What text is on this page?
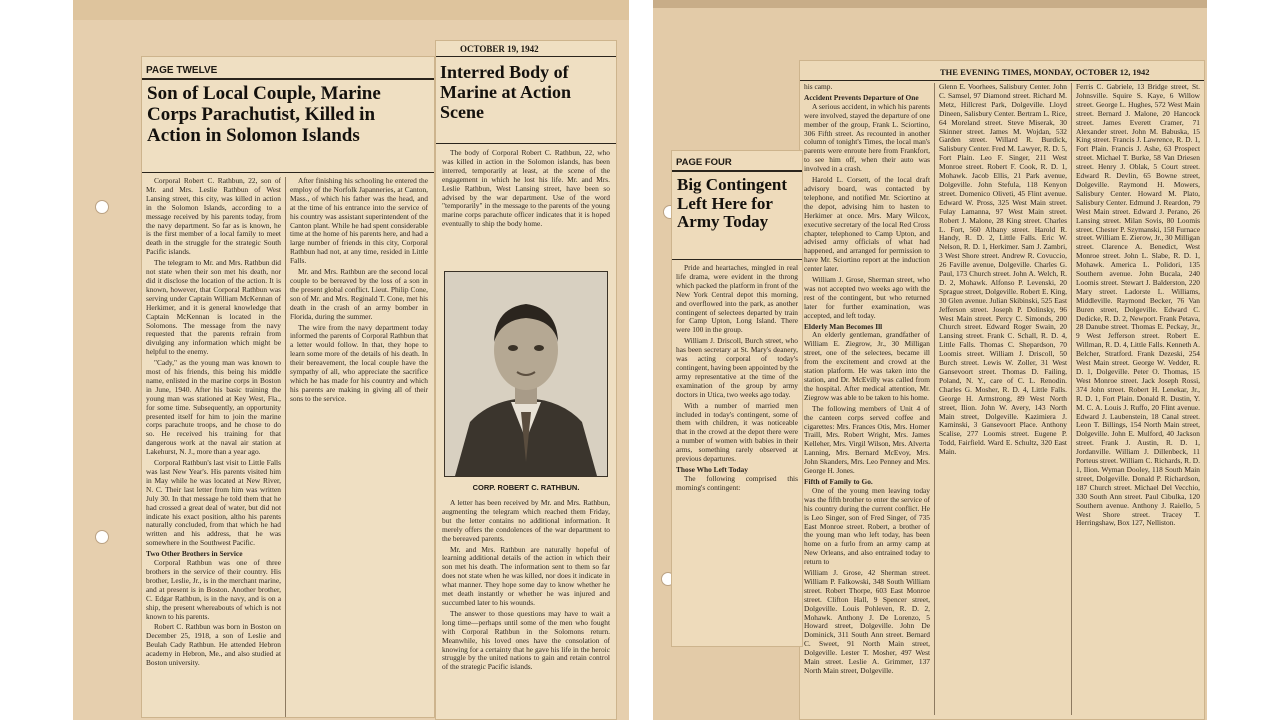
PAGE TWELVE
Son of Local Couple, Marine Corps Parachutist, Killed in Action in Solomon Islands

Corporal Robert C. Rathbun, 22, son of Mr. and Mrs. Leslie Rathbun of West Lansing street, this city, was killed in action in the Solomon Islands, according to a message received by his parents today, from the navy department. So far as is known, he is the first member of a local family to meet death in the struggle for the strategic South Pacific islands.

The telegram to Mr. and Mrs. Rathbun did not state when their son met his death, nor did it disclose the location of the action. It is known, however, that Corporal Rathbun was serving under Captain William McKennan of Herkimer, and it is general knowledge that Captain McKennan is located in the Solomons. The message from the navy requested that the parents refrain from divulging any information which might be helpful to the enemy.

"Cady," as the young man was known to most of his friends, this being his middle name, enlisted in the marine corps in Boston in June, 1940. After his basic training the young man was stationed at Key West, Fla., for some time. Subsequently, an opportunity presented itself for him to join the marine corps parachute troops, and he chose to do so. He received his training for that dangerous work at the naval air station at Lakehurst, N. J., more than a year ago.

Corporal Rathbun's last visit to Little Falls was last New Year's. His parents visited him in May while he was located at New River, N. C. Their last letter from him was written July 30. In that message he told them that he had crossed a great deal of water, but did not indicate his exact position, altho his parents naturally concluded, from that which he had written and his address, that he was somewhere in the Southwest Pacific.

Two Other Brothers in Service

Corporal Rathbun was one of three brothers in the service of their country. His brother, Leslie, Jr., is in the merchant marine, and at present is in Boston. Another brother, C. Edgar Rathbun, is in the navy, and is on a ship, the present whereabouts of which is not known to his parents.

Robert C. Rathbun was born in Boston on December 25, 1918, a son of Leslie and Beulah Cady Rathbun. He attended Hebron academy in Hebron, Me., and also studied at Boston university.

After finishing his schooling he entered the employ of the Norfolk Japanneries, at Canton, Mass., of which his father was the head, and at the time of his entrance into the service of his country was assistant superintendent of the Canton plant. While he had spent considerable time at the home of his parents here, and had a large number of friends in this city, Corporal Rathbun had not, at any time, resided in Little Falls.

Mr. and Mrs. Rathbun are the second local couple to be bereaved by the loss of a son in the present global conflict. Lieut. Philip Cone, son of Mr. and Mrs. Reginald T. Cone, met his death in the crash of an army bomber in Florida, during the summer.

The wire from the navy department today informed the parents of Corporal Rathbun that a letter would follow. In that, they hope to learn some more of the details of his death. In their bereavement, the local couple have the sympathy of all, who appreciate the sacrifice which he has made for his country and which his parents are making in giving all of their sons to the service.

OCTOBER 19, 1942
Interred Body of Marine at Action Scene

The body of Corporal Robert C. Rathbun, 22, who was killed in action in the Solomon islands, has been interred, temporarily at least, at the scene of the engagement in which he lost his life. Mr. and Mrs. Leslie Rathbun, West Lansing street, have been so advised by the war department. Use of the word "temporarily" in the message to the parents of the young marine corps parachute officer indicates that it is hoped eventually to ship the body home.

CORP. ROBERT C. RATHBUN.

A letter has been received by Mr. and Mrs. Rathbun, augmenting the telegram which reached them Friday, but the letter contains no additional information. It merely offers the condolences of the war department to the bereaved parents.

Mr. and Mrs. Rathbun are naturally hopeful of learning additional details of the action in which their son met his death. The information sent to them so far does not state when he was killed, nor does it indicate in what manner. They hope some day to know whether he met death instantly or whether he was injured and succumbed later to his wounds.

The answer to those questions may have to wait a long time—perhaps until some of the men who fought with Corporal Rathbun in the Solomons return. Meanwhile, his loved ones have the consolation of knowing for a certainty that he gave his life in the heroic struggle by the united nations to gain and retain control of the strategic Pacific islands.

THE EVENING TIMES, MONDAY, OCTOBER 12, 1942

his camp.

Accident Prevents Departure of One

A serious accident, in which his parents were involved, stayed the departure of one member of the group, Frank L. Sciortino, 306 Fifth street. As recounted in another column of tonight's Times, the local man's parents were enroute here from Frankfort, to see him off, when their auto was involved in a crash.

Harold L. Corsett, of the local draft advisory board, was contacted by telephone, and notified Mr. Sciortino at the depot, advising him to hasten to Herkimer at once. Mrs. Mary Wilcox, executive secretary of the local Red Cross chapter, telephoned to Camp Upton, and advised army officials of what had happened, and arranged for permission to have Mr. Sciortino report at the induction center later.

William J. Grose, Sherman street, who was not accepted two weeks ago with the rest of the contingent, but who returned later for further examination, was accepted, and left today.

Elderly Man Becomes Ill

An elderly gentleman, grandfather of William E. Ziegrow, Jr., 30 Milligan street, one of the selectees, became ill from the excitement and crowd at the station platform. He was taken into the station, and Dr. McEvilly was called from the hospital. After medical attention, Mr. Ziegrow was able to be taken to his home.

The following members of Unit 4 of the canteen corps served coffee and cigarettes: Mrs. Frances Otis, Mrs. Homer Traill, Mrs. Robert Wright, Mrs. James Kelleher, Mrs. Virgil Wilson, Mrs. Alverta Lanning, Mrs. Bernard McEvoy, Mrs. John Skanders, Mrs. Leo Penney and Mrs. George H. Jones.

Fifth of Family to Go.

One of the young men leaving today was the fifth brother to enter the service of his country during the current conflict. He is Leo Singer, son of Fred Singer, of 735 East Monroe street. Robert, a brother of the young man who left today, has been home on a furlo from an army camp at New Orleans, and also entrained today to return to

William J. Grose, 42 Sherman street. William P. Falkowski, 348 South William street. Robert Thorpe, 603 East Monroe street. Clifton Hall, 9 Spencer street, Dolgeville. Louis Pohleven, R. D. 2, Mohawk. Anthony J. De Lorenzo, 5 Howard street, Dolgeville. John De Dominick, 311 South Ann street. Bernard C. Sweet, 91 North Main street, Dolgeville. Lester T. Mosher, 497 West Main street. Leslie A. Grimmer, 137 North Main street, Dolgeville.

Glenn E. Voorhees, Salisbury Center. John C. Samsel, 97 Diamond street. Richard M. Metz, Hillcrest Park, Dolgeville. Lloyd Dineen, Salisbury Center. Bertram L. Rice, 64 Moreland street. Steve Miserak, 30 Skinner street. James M. Wojdan, 532 Garden street. Willard R. Burdick, Salisbury Center. Fred M. Lawyer, R. D. 5, Fort Plain. Leo F. Singer, 211 West Monroe street. Robert F. Cook, R. D. 1, Mohawk. Jacob Ellis, 21 Park avenue, Dolgeville. John Stefula, 118 Kenyon street. Domenico Oliveti, 45 Flint avenue. Edward W. Pross, 325 West Main street. Fulay Lamanna, 97 West Main street. Robert J. Malone, 28 King street. Charles L. Fort, 560 Albany street. Harold R. Handy, R. D. 2, Little Falls. Eric W. Nelson, R. D. 1, Herkimer. Sam J. Zambri, 3 West Shore street. Andrew R. Covuccio, 26 Faville avenue, Dolgeville. Charles G. Paul, 173 Church street. John A. Welch, R. D. 2, Mohawk. Alfonso P. Levenski, 20 Sprague street, Dolgeville. Robert E. King, 30 Glen avenue. Julian Skibinski, 525 East Jefferson street. Joseph P. Dolinsky, 96 West Main street. Percy C. Simonds, 200 Church street. Edward Roger Swain, 20 Lansing street. Frank C. Schall, R. D. 4, Little Falls. Thomas C. Shepardson, 70 Loomis street. William J. Driscoll, 50 Burch street. Lewis W. Zoller, 31 West Gansevoort street. Thomas D. Failing, Poland, N. Y., care of C. L. Renodin. Charles G. Mosher, R. D. 4, Little Falls. George H. Armstrong, 89 West North street, Ilion. John W. Avery, 143 North Main street, Dolgeville. Kazimiera J. Kaminski, 3 Gansevoort Place. Anthony Scalise, 277 Loomis street. Eugene P. Todd, Fairfield. Ward E. Schultz, 320 East Main.

Ferris C. Gabriele, 13 Bridge street, St. Johnsville. Squire S. Kaye, 6 Willow street. George L. Hughes, 572 West Main street. Bernard J. Malone, 20 Hancock street. James Everett Cramer, 71 Alexander street. John M. Babuska, 15 King street. Francis J. Lawrence, R. D. 1, Fort Plain. Francis J. Ashe, 63 Prospect street. Michael T. Burke, 58 Van Driesen street. Henry J. Oblak, 5 Court street. Edward R. Devlin, 65 Bowne street, Dolgeville. Raymond H. Mowers, Salisbury Center. Howard M. Plato, Salisbury Center. Edmund J. Reardon, 79 West Main street. Edward J. Perano, 26 Lansing street. Milan Sovis, 80 Loomis street. Chester P. Szymanski, 158 Furnace street. William E. Zierow, Jr., 30 Milligan street. Clarence A. Benedict, West Monroe street. John L. Slabe, R. D. 1, Mohawk. America L. Polidori, 135 Southern avenue. John Bucala, 240 Loomis street. Stewart J. Balderston, 220 Mary street. Ladorste L. Williams, Middleville. Raymond Becker, 76 Van Buren street, Dolgeville. Edward C. Dedicke, R. D. 2, Newport. Frank Petava, 28 Danube street. Thomas E. Peckay, Jr., 9 West Jefferson street. Robert E. Willman, R. D. 4, Little Falls. Kenneth A. Belcher, Stratford. Frank Dezeski, 254 West Main street. George W. Vedder, R. D. 1, Dolgeville. Peter O. Thomas, 15 West Monroe street. Jack Joseph Rossi, 374 John street. Robert H. Lenekar, Jr., R. D. 1, Fort Plain. Donald R. Dustin, Y. M. C. A. Louis J. Ruffo, 20 Flint avenue. Edward J. Laubenstein, 18 Canal street. Leon T. Billings, 154 North Main street, Dolgeville. John E. Mulford, 40 Jackson street. Frank J. Austin, R. D. 1, Jordanville. William J. Dillenbeck, 11 Porteus street. William C. Richards, R. D. 1, Ilion. Wyman Dooley, 118 South Main street, Dolgeville. Donald P. Richardson, 187 Church street. Michael Del Vecchio, 330 South Ann street. Paul Cibulka, 120 Southern avenue. Anthony J. Raiello, 5 West Shore street. Tracey T. Herringshaw, Box 127, Nelliston.

PAGE FOUR
Big Contingent Left Here for Army Today

Pride and heartaches, mingled in real life drama, were evident in the throng which packed the platform in front of the New York Central depot this morning, and overflowed into the park, as another contingent of selectees departed by train for Camp Upton, Long Island. There were 100 in the group.

William J. Driscoll, Burch street, who has been secretary at St. Mary's deanery, was acting corporal of today's contingent, having been appointed by the army representative at the time of the examination of the group by army doctors in Utica, two weeks ago today.

With a number of married men included in today's contingent, some of them with children, it was noticeable that in the crowd at the depot there were a number of women with babies in their arms, something rarely observed at previous departures.

Those Who Left Today

The following comprised this morning's contingent:
